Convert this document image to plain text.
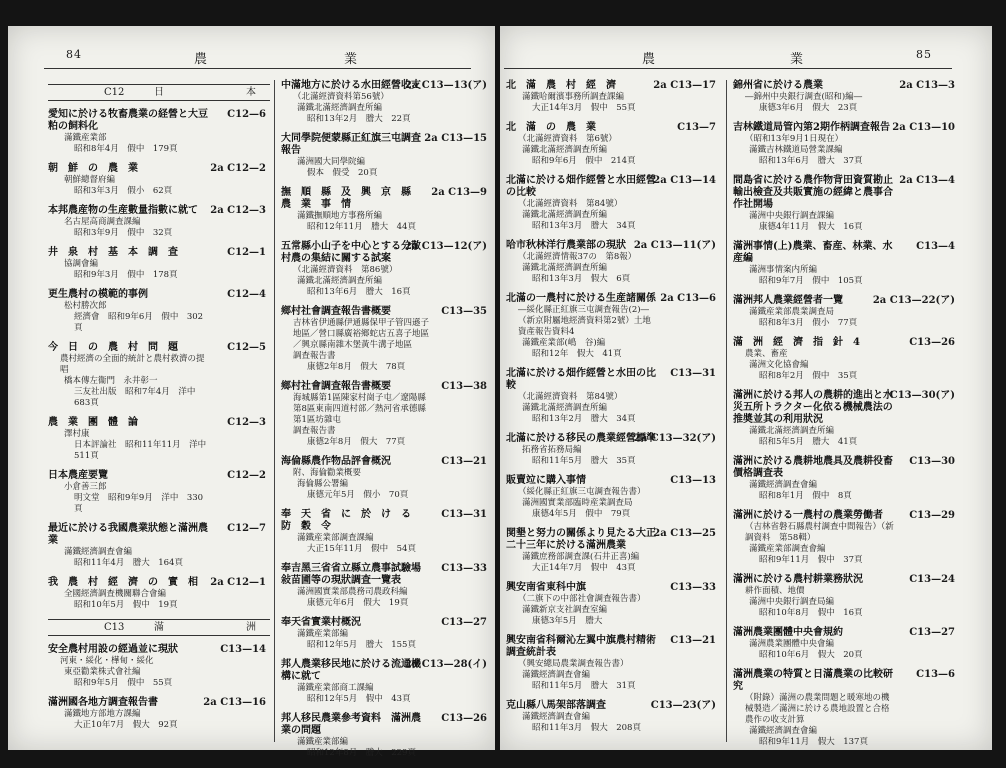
84	農	業
C12	日	本
愛知に於ける牧畜農業の経營と大豆粕の飼料化
滿鐵産業部
昭和8年4月　假中　179頁
C12—6
朝　鮮　の　農　業
朝鮮總督府編
昭和3年3月　假小　62頁
2a C12—2
本邦農産物の生産數量指數に就て
名古屋高商調査課編
昭和3年9月　假中　32頁
2a C12—3
井　泉　村　基　本　調　査
協調會編
昭和9年3月　假中　178頁
C12—1
更生農村の模範的事例
松村勝次郎
經濟會　昭和9年6月　假中　302頁
C12—4
今　日　の　農　村　問　題
農村經濟の全面的統計と農村救濟の提唱
橋本傳左衞門　永井彰一
三友社出版　昭和7年4月　洋中　683頁
C12—5
農　業　團　體　論
澤村康
日本評論社　昭和11年11月　洋中　511頁
C12—3
日本農産要覽
小倉善三郎
明文堂　昭和9年9月　洋中　330頁
C12—2
最近に於ける我國農業狀態と滿洲農業
滿鐵經濟調査會編
昭和11年4月　謄大　164頁
C12—7
我　農　村　經　濟　の　實　相
全國經濟調査機關聯合會編
昭和10年5月　假中　19頁
2a C12—1
C13	滿	洲
安全農村用設の經過並に現狀
河東・綏化・樺甸・綏化
東亞勸業株式會社編
昭和9年5月　假中　55頁
C13—14
滿洲國各地方調査報告書
滿鐵地方部地方課編
大正10年7月　假大　92頁
2a C13—16
中滿地方に於ける水田經營收支
（北滿經濟資料第56號）
滿鐵北滿經濟調査所編
昭和13年2月　謄大　22頁
2a C13—13(ア)
大同學院便蒙縣正紅旗三屯調査報告
滿洲國大同學院編
假本　假受　20頁
2a C13—15
撫　順　縣　及　興　京　縣　農　業　事　情
滿鐵撫順地方事務所編
昭和12年11月　謄大　44頁
2a C13—9
五常縣小山子を中心とする分散村農の集結に關する試案
（北滿經濟資料　第86號）
滿鐵北滿經濟調査所編
昭和13年6月　謄大　16頁
2a C13—12(ア)
鄉村社會調査報告書概要
吉林省伊通縣伊通縣保甲子管四遜子地區／營口縣廣裕鄉蛇店五喜子地區／興京縣南雜木堡黃牛溝子地區
調査報告書
康德2年8月　假大　78頁
C13—35
鄉村社會調査報告書概要
海城縣第1區陳家村崗子屯／遼陽縣第8區東南四道村部／熱河省承德縣第1區坊雜屯
調査報告書
康德2年8月　假大　77頁
C13—38
海倫縣農作物品評會概況
附、海倫勸業概要
海倫縣公署編
康德元年5月　假小　70頁
C13—21
奉　天　省　に　於　け　る　防　穀　令
滿鐵産業部調査課編
大正15年11月　假中　54頁
C13—31
奉吉黑三省省立縣立農事試驗場敍苗圃等の現狀調査一覽表
滿洲國實業部農務司農政科編
康德元年6月　假大　19頁
C13—33
奉天省實業村概況
滿鐵産業部編
昭和12年5月　謄大　155頁
C13—27
邦人農業移民地に於ける流通機構に就て
滿鐵産業部商工課編
昭和12年5月　假中　43頁
2a C13—28(イ)
邦人移民農業參考資料　滿洲農業の問題
滿鐵産業部編
昭和12年8月　謄大　229頁
C13—26
農	業	85
北　滿　農　村　經　濟
滿鐵哈爾濱事務所調査課編
大正14年3月　假中　55頁
2a C13—17
北　滿　の　農　業
（北滿經濟資料　第6號）
滿鐵北滿經濟調査所編
昭和9年6月　假中　214頁
C13—7
北滿に於ける畑作經營と水田經營の比較
（北滿經濟資料　第84號）
滿鐵北滿經濟調査所編
昭和13年3月　謄大　34頁
2a C13—14
哈市秋林洋行農業部の現狀
（北滿經濟情報37の　第8報）
滿鐵北滿經濟調査所編
昭和13年3月　假大　6頁
2a C13—11(ア)
北滿の一農村に於ける生産諸關係
―綏化縣正紅旗三屯調査報告(2)―（新京附屬地經濟資料第2號）土地資產報告資料4
滿鐵産業部(嶋　谷)編
昭和12年　假大　41頁
2a C13—6
北滿に於ける畑作經營と水田の比較
（北滿經濟資料　第84號）
滿鐵北滿經濟調査所編
昭和13年2月　謄大　34頁
C13—31
北滿に於ける移民の農業經營標準
拓務省拓務局編
昭和11年5月　謄大　35頁
2a C13—32(ア)
販賣竝に購入事情
（綏化縣正紅旗三屯調査報告書）
滿洲國實業部臨時産業調査局
康德4年5月　假中　79頁
C13—13
関墾と努力の關係より見たる大正二十三年に於ける滿洲農業
滿鐵庶務部調査課(石井正喜)編
大正14年7月　假中　43頁
2a C13—25
興安南省東科中旗
（二旗下の中部社會調査報告書）
滿鐵新京支社調査室編
康德3年5月　謄大
C13—33
興安南省科爾沁左翼中旗農村精術調査統計表
（興安總局農業調査報告書）
滿鐵經濟調査會編
昭和11年5月　謄大　31頁
C13—21
克山縣八馬架部落調査
滿鐵經濟調査會編
昭和11年3月　假大　208頁
C13—23(ア)
錦州省に於ける農業
―錦州中央銀行調査(昭和)編―
康德3年6月　假大　23頁
2a C13—3
吉林鐵道局管內第2期作柄調査報告
（昭和13年9月1日現在）
滿鐵吉林鐵道局營業課編
昭和13年6月　謄大　37頁
2a C13—10
間島省に於ける農作物背田資質勘止輸出檢査及共販實施の經緯と農事合作社開場
滿洲中央銀行調査課編
康德4年11月　假大　16頁
2a C13—4
滿洲事情(上)農業、畜産、林業、水産編
滿洲事情案内所編
昭和9年7月　假中　105頁
C13—4
滿洲邦人農業經營者一覽
滿鐵産業部農業調査局
昭和8年3月　假小　77頁
2a C13—22(ア)
滿　洲　經　濟　指　針　4
農業、畜産
滿洲文化協會編
昭和8年2月　假中　35頁
C13—26
滿洲に於ける邦人の農耕的進出と水災五所トラクター化依る機械農法の推奬並其の利用狀況
滿鐵北滿經濟調査所編
昭和5年5月　謄大　41頁
C13—30(ア)
滿洲に於ける農耕地農具及農耕役畜價格調査表
滿鐵經濟調査會編
昭和8年1月　假中　8頁
C13—30
滿洲に於ける一農村の農業勞働者
（吉林省磐石縣農村調査中間報告）（新調資料　第58輯）
滿鐵産業部調査會編
昭和9年11月　假中　37頁
C13—29
滿洲に於ける農村耕業務狀況
耕作面積、地價
滿洲中央銀行調査局編
昭和10年8月　假中　16頁
C13—24
滿洲農業團體中央會規約
滿洲農業團體中央會編
昭和10年6月　假大　20頁
C13—27
滿洲農業の特質と日滿農業の比較研究
（附錄）滿洲の農業問題と暖寒地の機械製造／滿洲に於ける農地設置と合格農作の收支計算
滿鐵經濟調査會編
昭和9年11月　假大　137頁
C13—6
